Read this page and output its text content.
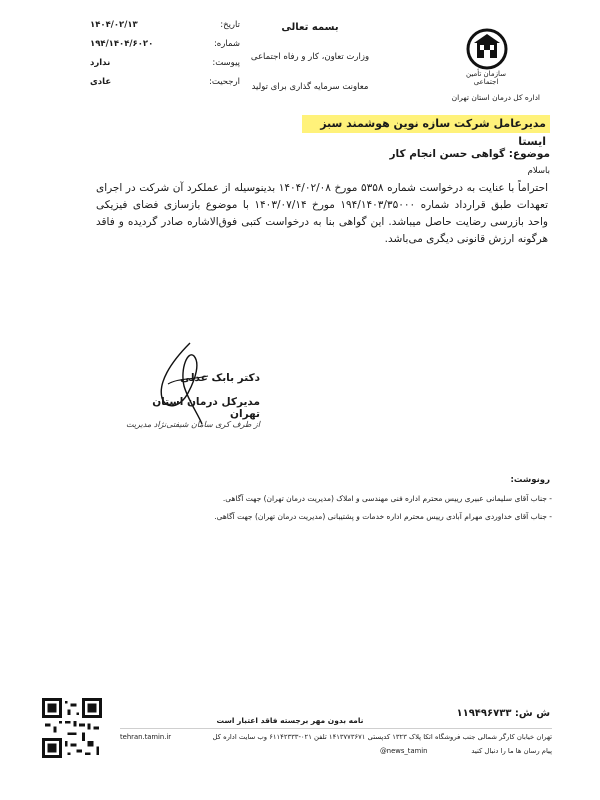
سازمان تأمین اجتماعی
اداره کل درمان استان تهران
بسمه تعالی
وزارت تعاون، کار و رفاه اجتماعی
معاونت سرمایه گذاری برای تولید
تاریخ:
۱۴۰۴/۰۲/۱۳
شماره:
۱۹۴/۱۴۰۴/۶۰۲۰
پیوست:
ندارد
ارجحیت:
عادی
مدیرعامل شرکت سازه نوین هوشمند سبز ایستا
موضوع: گواهی حسن انجام کار
باسلام
احتراماً با عنایت به درخواست شماره ۵۳۵۸ مورخ ۱۴۰۴/۰۲/۰۸ بدینوسیله از عملکرد آن شرکت در اجرای تعهدات طبق قرارداد شماره ۱۹۴/۱۴۰۳/۳۵۰۰۰ مورخ ۱۴۰۳/۰۷/۱۴ با موضوع بازسازی فضای فیزیکی واحد بازرسی رضایت حاصل میباشد. این گواهی بنا به درخواست کتبی فوق‌الاشاره صادر گردیده و فاقد هرگونه ارزش قانونی دیگری می‌باشد.
دکتر بابک عدلی
مدیرکل درمان استان تهران
از طرف کری سامان شیفتی‌نژاد مدیریت
رونوشت:
- جناب آقای سلیمانی عبیری رییس محترم اداره فنی مهندسی و املاک (مدیریت درمان تهران) جهت آگاهی.
- جناب آقای خداوردی مهرام آبادی رییس محترم اداره خدمات و پشتیبانی (مدیریت درمان تهران) جهت آگاهی.
ش ش: ۱۱۹۴۹۶۷۳۳
نامه بدون مهر برجسته فاقد اعتبار است
تهران خیابان کارگر شمالی جنب فروشگاه اتکا پلاک ۱۳۲۳ کدپستی ۱۴۱۳۷۷۳۶۷۱ تلفن ۰۲۱-۶۱۱۴۲۳۳۳ وب سایت اداره کل
tehran.tamin.ir
پیام رسان ها ما را دنبال کنید
@news_tamin
